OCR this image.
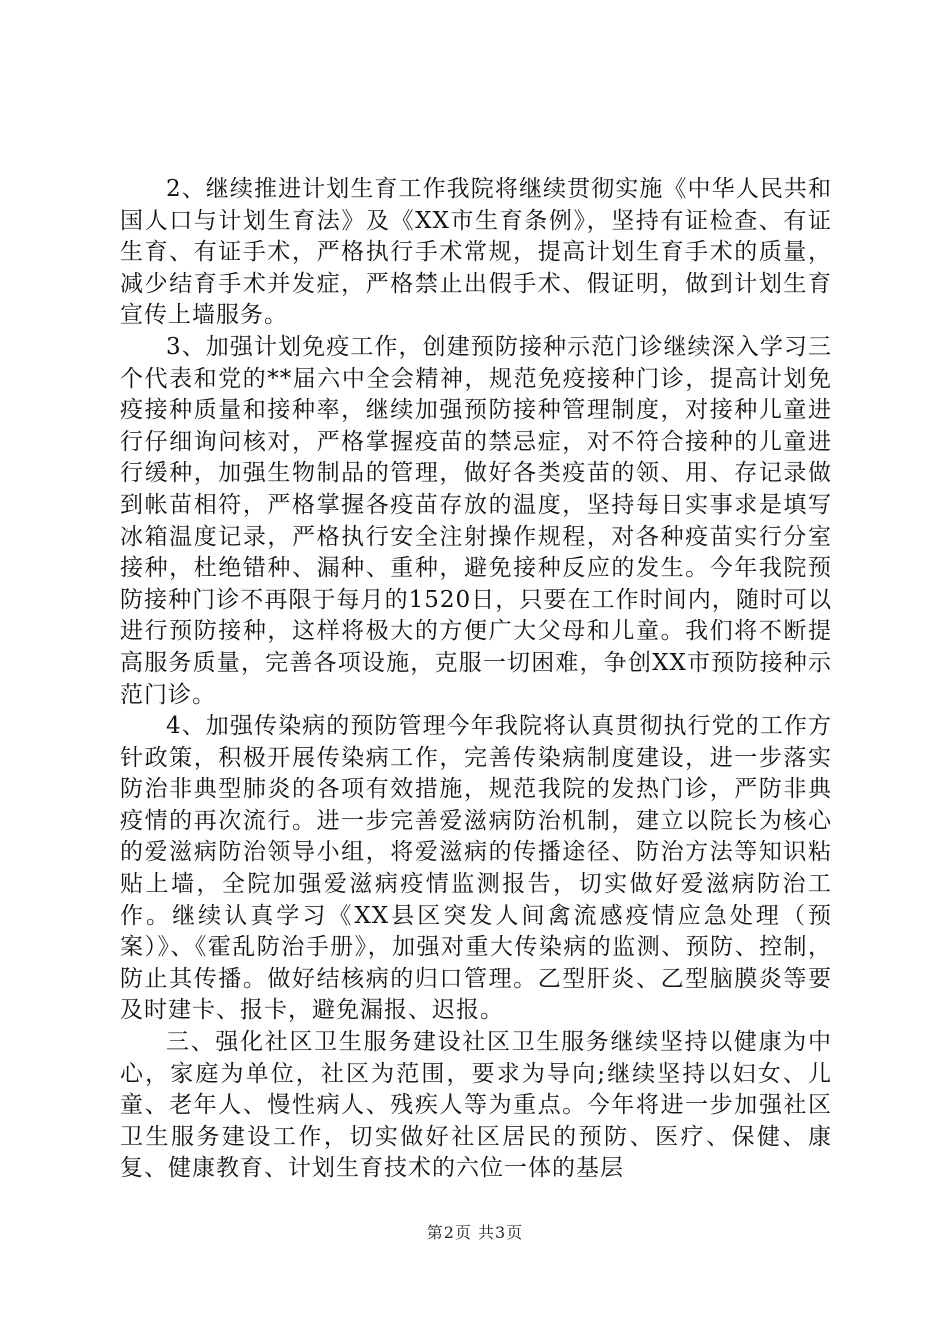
2、继续推进计划生育工作我院将继续贯彻实施《中华人民共和国人口与计划生育法》及《XX市生育条例》，坚持有证检查、有证生育、有证手术，严格执行手术常规，提高计划生育手术的质量，减少结育手术并发症，严格禁止出假手术、假证明，做到计划生育宣传上墙服务。

3、加强计划免疫工作，创建预防接种示范门诊继续深入学习三个代表和党的**届六中全会精神，规范免疫接种门诊，提高计划免疫接种质量和接种率，继续加强预防接种管理制度，对接种儿童进行仔细询问核对，严格掌握疫苗的禁忌症，对不符合接种的儿童进行缓种，加强生物制品的管理，做好各类疫苗的领、用、存记录做到帐苗相符，严格掌握各疫苗存放的温度，坚持每日实事求是填写冰箱温度记录，严格执行安全注射操作规程，对各种疫苗实行分室接种，杜绝错种、漏种、重种，避免接种反应的发生。今年我院预防接种门诊不再限于每月的1520日，只要在工作时间内，随时可以进行预防接种，这样将极大的方便广大父母和儿童。我们将不断提高服务质量，完善各项设施，克服一切困难，争创XX市预防接种示范门诊。

4、加强传染病的预防管理今年我院将认真贯彻执行党的工作方针政策，积极开展传染病工作，完善传染病制度建设，进一步落实防治非典型肺炎的各项有效措施，规范我院的发热门诊，严防非典疫情的再次流行。进一步完善爱滋病防治机制，建立以院长为核心的爱滋病防治领导小组，将爱滋病的传播途径、防治方法等知识粘贴上墙，全院加强爱滋病疫情监测报告，切实做好爱滋病防治工作。继续认真学习《XX县区突发人间禽流感疫情应急处理（预案）》、《霍乱防治手册》，加强对重大传染病的监测、预防、控制，防止其传播。做好结核病的归口管理。乙型肝炎、乙型脑膜炎等要及时建卡、报卡，避免漏报、迟报。

三、强化社区卫生服务建设社区卫生服务继续坚持以健康为中心，家庭为单位，社区为范围，要求为导向;继续坚持以妇女、儿童、老年人、慢性病人、残疾人等为重点。今年将进一步加强社区卫生服务建设工作，切实做好社区居民的预防、医疗、保健、康复、健康教育、计划生育技术的六位一体的基层

第2页 共3页
